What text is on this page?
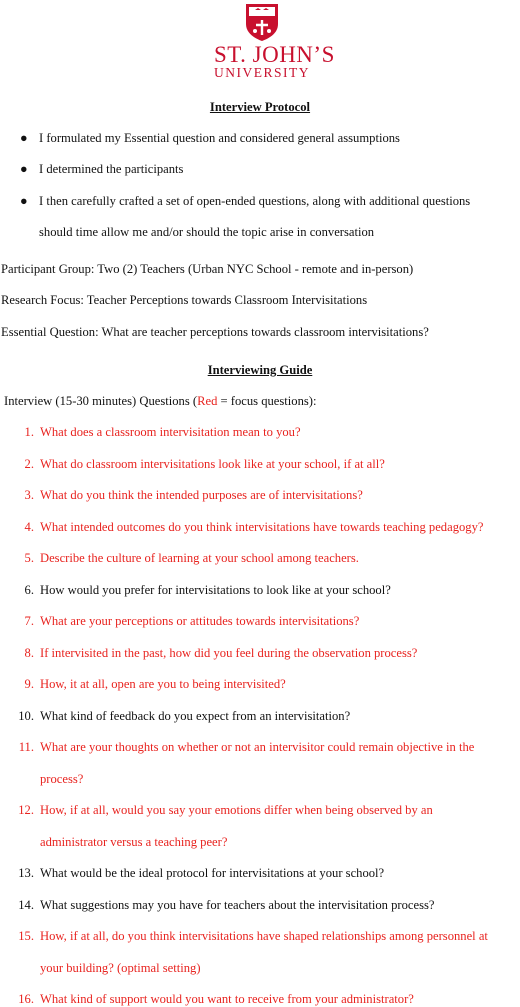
ST. JOHN’S
UNIVERSITY
Interview Protocol
● I formulated my Essential question and considered general assumptions
● I determined the participants
● I then carefully crafted a set of open-ended questions, along with additional questions
should time allow me and/or should the topic arise in conversation
Participant Group: Two (2) Teachers (Urban NYC School - remote and in-person)
Research Focus: Teacher Perceptions towards Classroom Intervisitations
Essential Question: What are teacher perceptions towards classroom intervisitations?
Interviewing Guide
Interview (15-30 minutes) Questions (Red = focus questions):
1. What does a classroom intervisitation mean to you?
2. What do classroom intervisitations look like at your school, if at all?
3. What do you think the intended purposes are of intervisitations?
4. What intended outcomes do you think intervisitations have towards teaching pedagogy?
5. Describe the culture of learning at your school among teachers.
6. How would you prefer for intervisitations to look like at your school?
7. What are your perceptions or attitudes towards intervisitations?
8. If intervisited in the past, how did you feel during the observation process?
9. How, it at all, open are you to being intervisited?
10. What kind of feedback do you expect from an intervisitation?
11. What are your thoughts on whether or not an intervisitor could remain objective in the
process?
12. How, if at all, would you say your emotions differ when being observed by an
administrator versus a teaching peer?
13. What would be the ideal protocol for intervisitations at your school?
14. What suggestions may you have for teachers about the intervisitation process?
15. How, if at all, do you think intervisitations have shaped relationships among personnel at
your building? (optimal setting)
16. What kind of support would you want to receive from your administrator?
